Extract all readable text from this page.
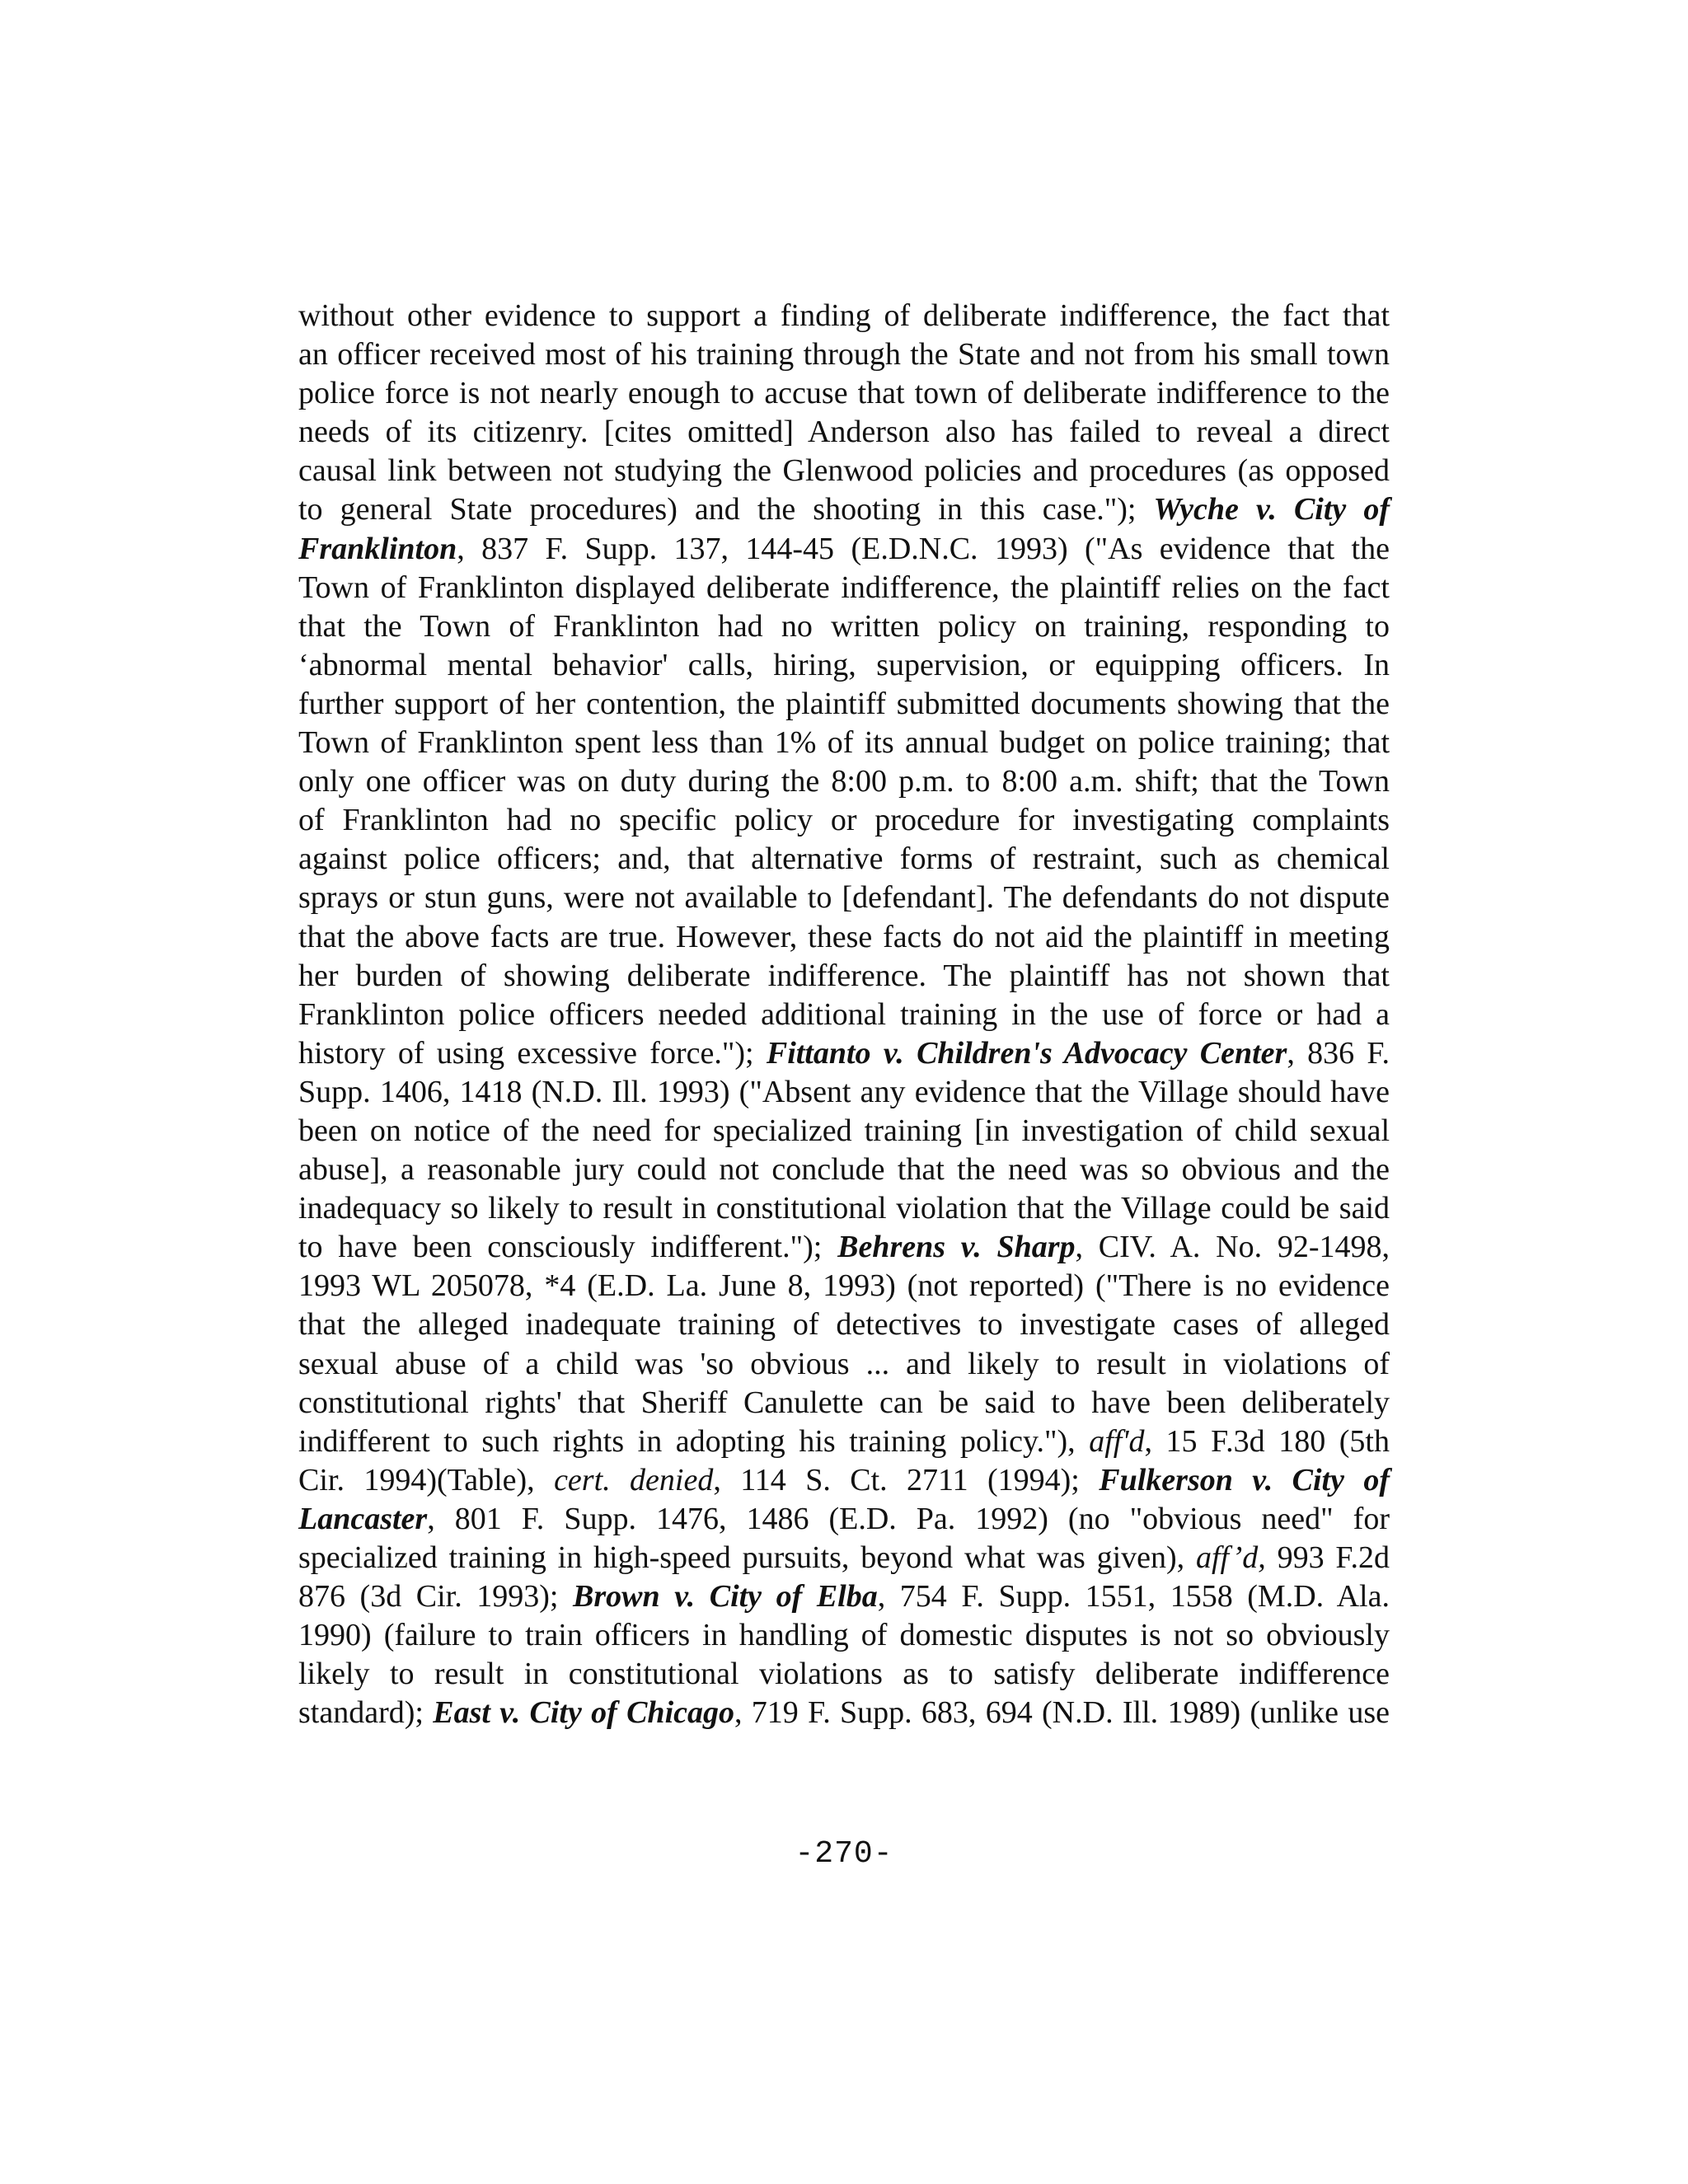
without other evidence to support a finding of deliberate indifference, the fact that
an officer received most of his training through the State and not from his small town
police force is not nearly enough to accuse that town of deliberate indifference to the
needs of its citizenry. [cites omitted] Anderson also has failed to reveal a direct
causal link between not studying the Glenwood policies and procedures (as opposed
to general State procedures) and the shooting in this case."); Wyche v. City of
Franklinton, 837 F. Supp. 137, 144-45 (E.D.N.C. 1993) ("As evidence that the
Town of Franklinton displayed deliberate indifference, the plaintiff relies on the fact
that the Town of Franklinton had no written policy on training, responding to
‘abnormal mental behavior' calls, hiring, supervision, or equipping officers. In
further support of her contention, the plaintiff submitted documents showing that the
Town of Franklinton spent less than 1% of its annual budget on police training; that
only one officer was on duty during the 8:00 p.m. to 8:00 a.m. shift; that the Town
of Franklinton had no specific policy or procedure for investigating complaints
against police officers; and, that alternative forms of restraint, such as chemical
sprays or stun guns, were not available to [defendant]. The defendants do not dispute
that the above facts are true. However, these facts do not aid the plaintiff in meeting
her burden of showing deliberate indifference. The plaintiff has not shown that
Franklinton police officers needed additional training in the use of force or had a
history of using excessive force."); Fittanto v. Children's Advocacy Center, 836 F.
Supp. 1406, 1418 (N.D. Ill. 1993) ("Absent any evidence that the Village should have
been on notice of the need for specialized training [in investigation of child sexual
abuse], a reasonable jury could not conclude that the need was so obvious and the
inadequacy so likely to result in constitutional violation that the Village could be said
to have been consciously indifferent."); Behrens v. Sharp, CIV. A. No. 92-1498,
1993 WL 205078, *4 (E.D. La. June 8, 1993) (not reported) ("There is no evidence
that the alleged inadequate training of detectives to investigate cases of alleged
sexual abuse of a child was 'so obvious ... and likely to result in violations of
constitutional rights' that Sheriff Canulette can be said to have been deliberately
indifferent to such rights in adopting his training policy."), aff'd, 15 F.3d 180 (5th
Cir. 1994)(Table), cert. denied, 114 S. Ct. 2711 (1994); Fulkerson v. City of
Lancaster, 801 F. Supp. 1476, 1486 (E.D. Pa. 1992) (no "obvious need" for
specialized training in high-speed pursuits, beyond what was given), aff’d, 993 F.2d
876 (3d Cir. 1993); Brown v. City of Elba, 754 F. Supp. 1551, 1558 (M.D. Ala.
1990) (failure to train officers in handling of domestic disputes is not so obviously
likely to result in constitutional violations as to satisfy deliberate indifference
standard); East v. City of Chicago, 719 F. Supp. 683, 694 (N.D. Ill. 1989) (unlike use
-270-
